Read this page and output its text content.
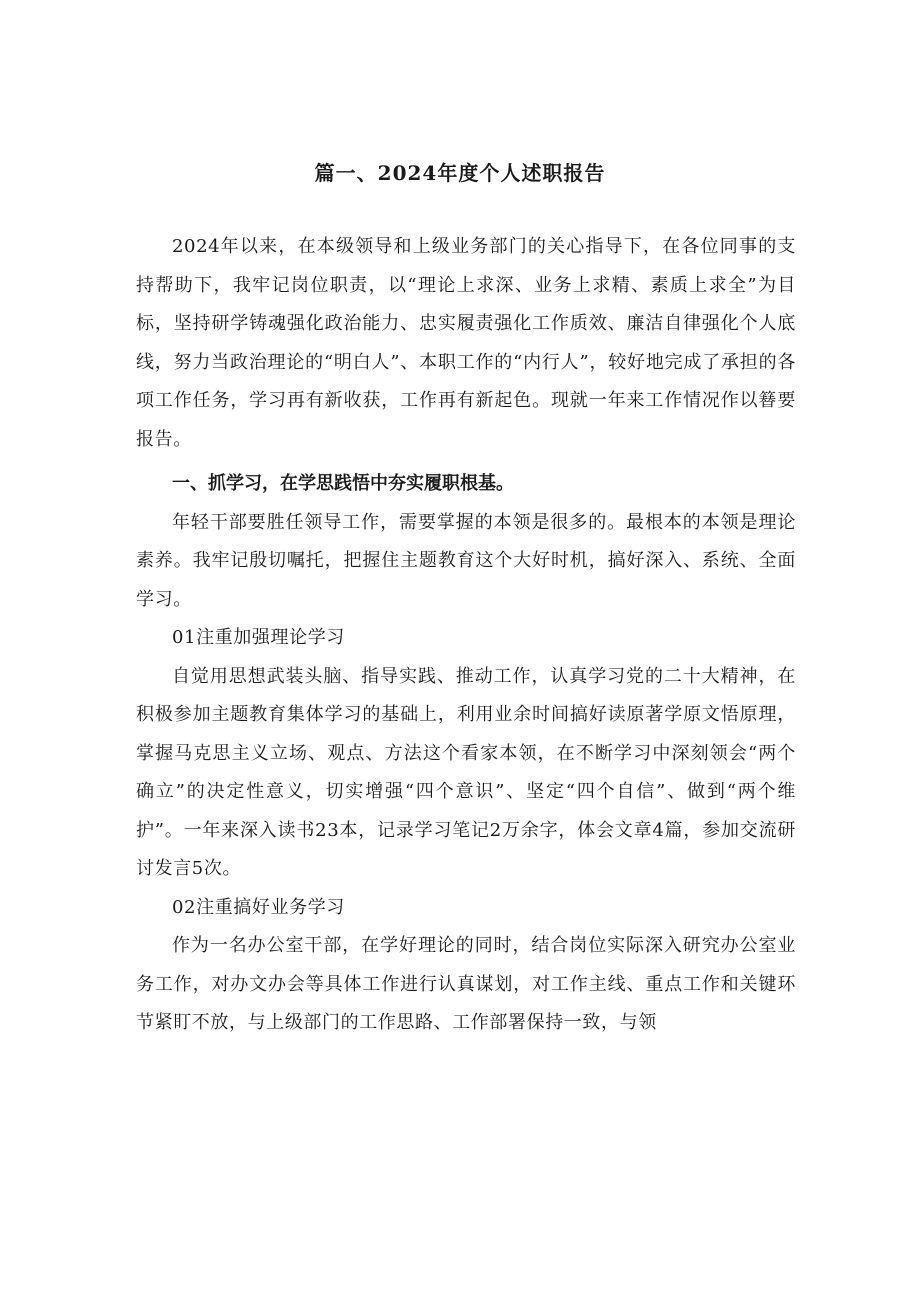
篇一、2024年度个人述职报告

2024年以来，在本级领导和上级业务部门的关心指导下，在各位同事的支持帮助下，我牢记岗位职责，以“理论上求深、业务上求精、素质上求全”为目标，坚持研学铸魂强化政治能力、忠实履责强化工作质效、廉洁自律强化个人底线，努力当政治理论的“明白人”、本职工作的“内行人”，较好地完成了承担的各项工作任务，学习再有新收获，工作再有新起色。现就一年来工作情况作以簮要报告。

一、抓学习，在学思践悟中夯实履职根基。

年轻干部要胜任领导工作，需要掌握的本领是很多的。最根本的本领是理论素养。我牢记殷切嘱托，把握住主题教育这个大好时机，搞好深入、系统、全面学习。

01注重加强理论学习

自觉用思想武装头脑、指导实践、推动工作，认真学习党的二十大精神，在积极参加主题教育集体学习的基础上，利用业余时间搞好读原著学原文悟原理，掌握马克思主义立场、观点、方法这个看家本领，在不断学习中深刻领会“两个确立”的决定性意义，切实增强“四个意识”、坚定“四个自信”、做到“两个维护”。一年来深入读书23本，记录学习笔记2万余字，体会文章4篇，参加交流研讨发言5次。

02注重搞好业务学习

作为一名办公室干部，在学好理论的同时，结合岗位实际深入研究办公室业务工作，对办文办会等具体工作进行认真谋划，对工作主线、重点工作和关键环节紧盯不放，与上级部门的工作思路、工作部署保持一致，与领
